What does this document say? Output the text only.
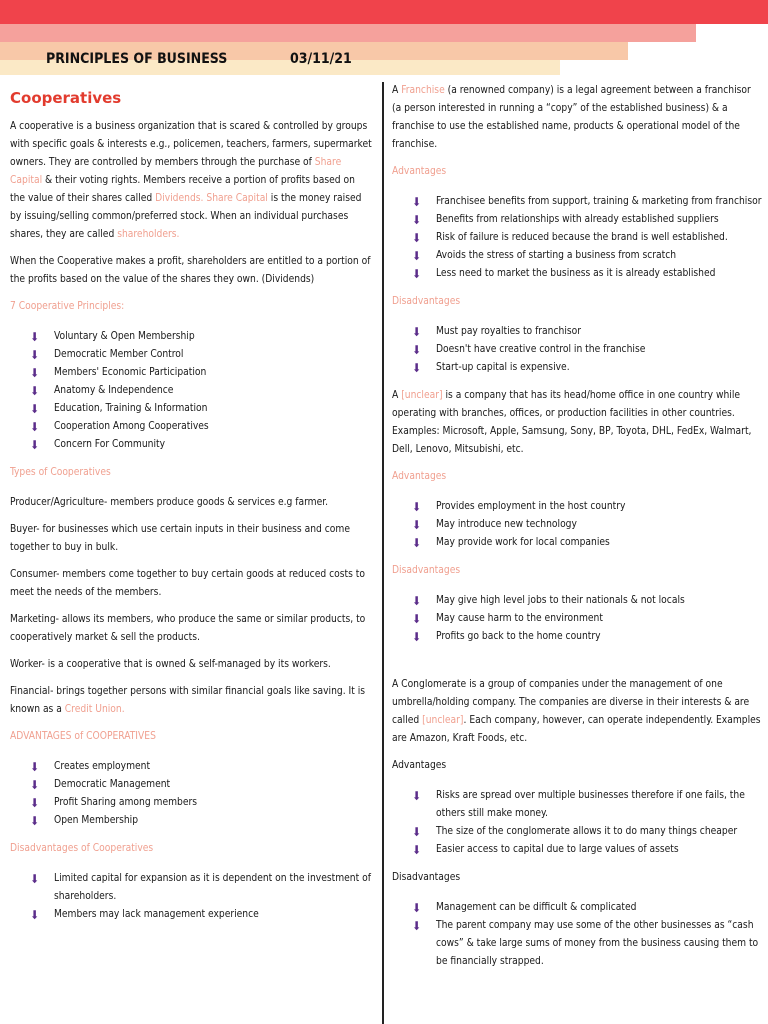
PRINCIPLES OF BUSINESS	03/11/21
Cooperatives

A cooperative is a business organization that is scared & controlled by groups with specific goals & interests e.g., policemen, teachers, farmers, supermarket owners. They are controlled by members through the purchase of Share Capital & their voting rights. Members receive a portion of profits based on the value of their shares called Dividends. Share Capital is the money raised by issuing/selling common/preferred stock. When an individual purchases shares, they are called shareholders.

When the Cooperative makes a profit, shareholders are entitled to a portion of the profits based on the value of the shares they own. (Dividends)

7 Cooperative Principles:
⬇ Voluntary & Open Membership
⬇ Democratic Member Control
⬇ Members' Economic Participation
⬇ Anatomy & Independence
⬇ Education, Training & Information
⬇ Cooperation Among Cooperatives
⬇ Concern For Community
Types of Cooperatives

Producer/Agriculture- members produce goods & services e.g farmer.

Buyer- for businesses which use certain inputs in their business and come together to buy in bulk.

Consumer- members come together to buy certain goods at reduced costs to meet the needs of the members.

Marketing- allows its members, who produce the same or similar products, to cooperatively market & sell the products.

Worker- is a cooperative that is owned & self-managed by its workers.

Financial- brings together persons with similar financial goals like saving. It is known as a Credit Union.

ADVANTAGES of COOPERATIVES
⬇ Creates employment
⬇ Democratic Management
⬇ Profit Sharing among members
⬇ Open Membership
Disadvantages of Cooperatives
⬇ Limited capital for expansion as it is dependent on the investment of shareholders.
⬇ Members may lack management experience

A Franchise (a renowned company) is a legal agreement between a franchisor (a person interested in running a “copy” of the established business) & a franchise to use the established name, products & operational model of the franchise.

Advantages
⬇ Franchisee benefits from support, training & marketing from franchisor
⬇ Benefits from relationships with already established suppliers
⬇ Risk of failure is reduced because the brand is well established.
⬇ Avoids the stress of starting a business from scratch
⬇ Less need to market the business as it is already established
Disadvantages
⬇ Must pay royalties to franchisor
⬇ Doesn't have creative control in the franchise
⬇ Start-up capital is expensive.

A [unclear] is a company that has its head/home office in one country while operating with branches, offices, or production facilities in other countries. Examples: Microsoft, Apple, Samsung, Sony, BP, Toyota, DHL, FedEx, Walmart, Dell, Lenovo, Mitsubishi, etc.

Advantages
⬇ Provides employment in the host country
⬇ May introduce new technology
⬇ May provide work for local companies
Disadvantages
⬇ May give high level jobs to their nationals & not locals
⬇ May cause harm to the environment
⬇ Profits go back to the home country

A Conglomerate is a group of companies under the management of one umbrella/holding company. The companies are diverse in their interests & are called [unclear]. Each company, however, can operate independently. Examples are Amazon, Kraft Foods, etc.

Advantages
⬇ Risks are spread over multiple businesses therefore if one fails, the others still make money.
⬇ The size of the conglomerate allows it to do many things cheaper
⬇ Easier access to capital due to large values of assets
Disadvantages
⬇ Management can be difficult & complicated
⬇ The parent company may use some of the other businesses as “cash cows” & take large sums of money from the business causing them to be financially strapped.
